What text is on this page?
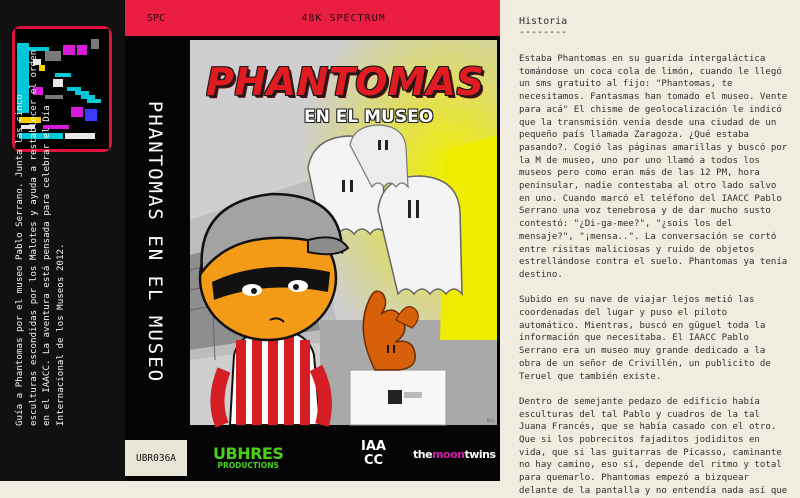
Guía a Phantomas por el museo Pablo Serrano. Junta las cinco esculturas escondidas por los Malotes y ayuda a restablecer el orden en el IAACC. La aventura está pensada para celebrar el Día Internacional de los Museos 2012.
SPC
PHANTOMAS EN EL MUSEO
UBR036A
48K SPECTRUM
PHANTOMAS
EN EL MUSEO
RAS
UBHRES
PRODUCTIONS
IAA
CC	themoontwins
Historia
--------

Estaba Phantomas en su guarida intergaláctica tomándose un coca cola de limón, cuando le llegó un sms gratuito al fijo: "Phantomas, te necesitamos. Fantasmas han tomado el museo. Vente para acá" El chisme de geolocalización le indicó que la transmisión venía desde una ciudad de un pequeño país llamada Zaragoza. ¿Qué estaba pasando?. Cogió las páginas amarillas y buscó por la M de museo, uno por uno llamó a todos los museos pero como eran más de las 12 PM, hora peninsular, nadie contestaba al otro lado salvo en uno. Cuando marcó el teléfono del IAACC Pablo Serrano una voz tenebrosa y de dar mucho susto contestó: "¿Di-ga-mee?", "¿sois los del mensaje?", "¡mensa..". La conversación se cortó entre risitas maliciosas y ruido de objetos estrellándose contra el suelo. Phantomas ya tenía destino.

Subido en su nave de viajar lejos metió las coordenadas del lugar y puso el piloto automático. Mientras, buscó en güguel toda la información que necesitaba. El IAACC Pablo Serrano era un museo muy grande dedicado a la obra de un señor de Crivillén, un publicito de Teruel que también existe.

Dentro de semejante pedazo de edificio había esculturas del tal Pablo y cuadros de la tal Juana Francés, que se había casado con el otro. Que si los pobrecitos fajaditos jodiditos en vida, que si las guitarras de Picasso, caminante no hay camino, eso sí, depende del ritmo y total para quemarlo. Phantomas empezó a bizquear delante de la pantalla y no entendía nada así que
